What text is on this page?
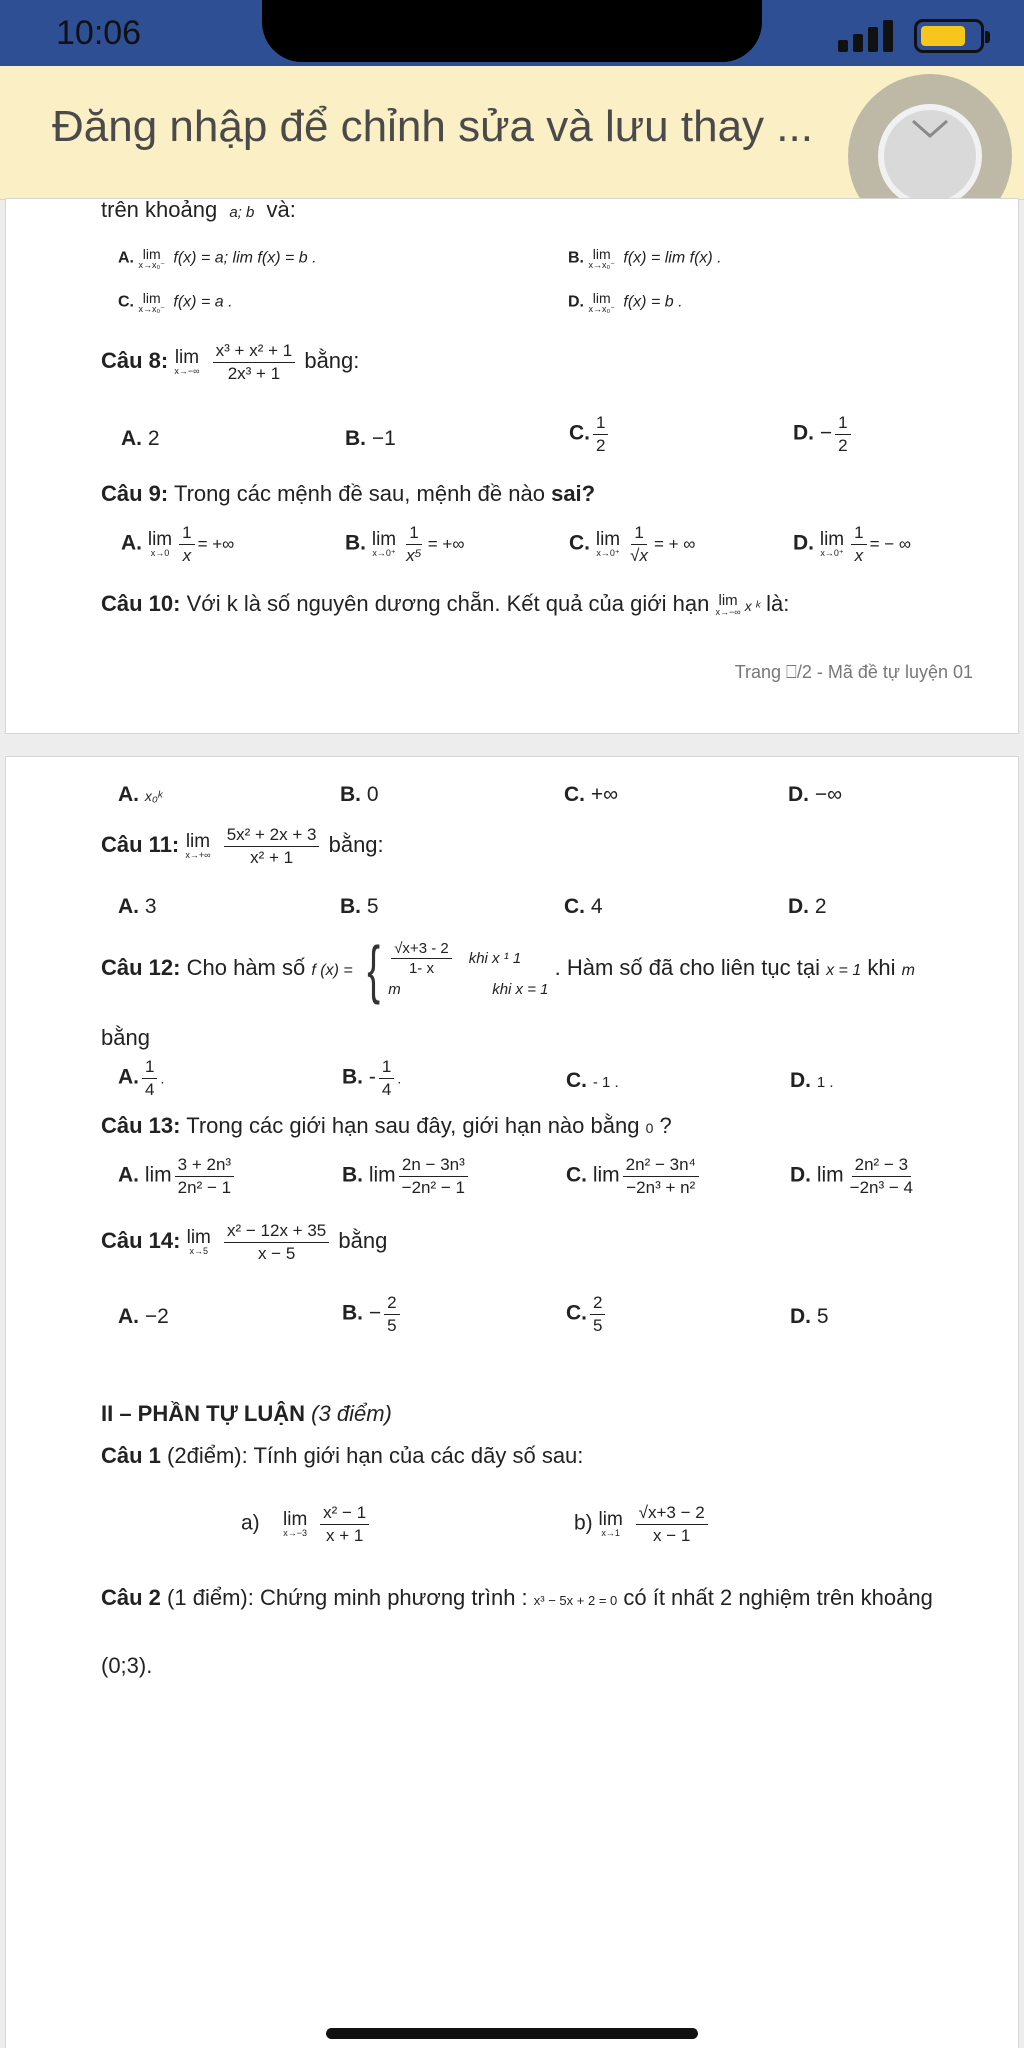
10:06
Đăng nhập để chỉnh sửa và lưu thay ...
trên khoảng a; b và:
A. lim
x→x₀⁻ f(x) = a; lim f(x) = b .	B. lim
x→x₀⁻ f(x) = lim f(x) .
C. lim
x→x₀⁻ f(x) = a .	D. lim
x→x₀⁻ f(x) = b .
Câu 8: lim
x→−∞
$\frac{\text{x³ + x² + 1}}{\text{2x³ + 1}}$ bằng:
A. 2	B. −1	C. $\frac{1}{2}$	D. − $\frac{1}{2}$
Câu 9: Trong các mệnh đề sau, mệnh đề nào sai?
A. lim
$x\to 0 \frac{1}{x}$ = +∞	B. lim
$x\to 0^+ \frac{1}{\text{x⁵}}$ = +∞	C. lim
$x\to 0^+ \frac{1}{√x}$ = + ∞	D. lim
$x\to 0^+ \frac{1}{x}$ = − ∞
Câu 10: Với k là số nguyên dương chẵn. Kết quả của giới hạn lim
x→−∞ x ᵏ là:
Trang ⎕/2 - Mã đề tự luyện 01
A. x₀ᵏ	B. 0	C. +∞	D. −∞
Câu 11: lim
x→+∞
$\frac{\text{5x² + 2x + 3}}{\text{x² + 1}}$ bằng:
A. 3	B. 5	C. 4	D. 2
Câu 12: Cho hàm số f (x) = { $\frac{√x+3 - 2}{1- x}$ khi x ¹ 1
m	khi x = 1
. Hàm số đã cho liên tục tại x = 1 khi m
bằng
A. $\frac{1}{4}$ .	B. - $\frac{1}{4}$ .	C. - 1 .	D. 1 .
Câu 13: Trong các giới hạn sau đây, giới hạn nào bằng 0 ?
A. $\lim \frac{\text{3 + 2n³}}{\text{2n² − 1}}$	B. $\lim \frac{\text{2n − 3n³}}{\text{−2n² − 1}}$	C. $\lim \frac{\text{2n² − 3n⁴}}{\text{−2n³ + n²}}$	D. $\lim \frac{\text{2n² − 3}}{\text{−2n³ − 4}}$
Câu 14: lim
x→5
$\frac{\text{x² − 12x + 35}}{x - 5}$ bằng
A. −2	B. − $\frac{2}{5}$	C. $\frac{2}{5}$	D. 5
II – PHẦN TỰ LUẬN (3 điểm)
Câu 1 (2điểm): Tính giới hạn của các dãy số sau:
a) lim
x→−3
$\frac{\text{x² − 1}}{x + 1}$	b) lim
x→1
$\frac{√x+3 - 2}{x - 1}$
Câu 2 (1 điểm): Chứng minh phương trình : x³ − 5x + 2 = 0 có ít nhất 2 nghiệm trên khoảng
(0;3).
